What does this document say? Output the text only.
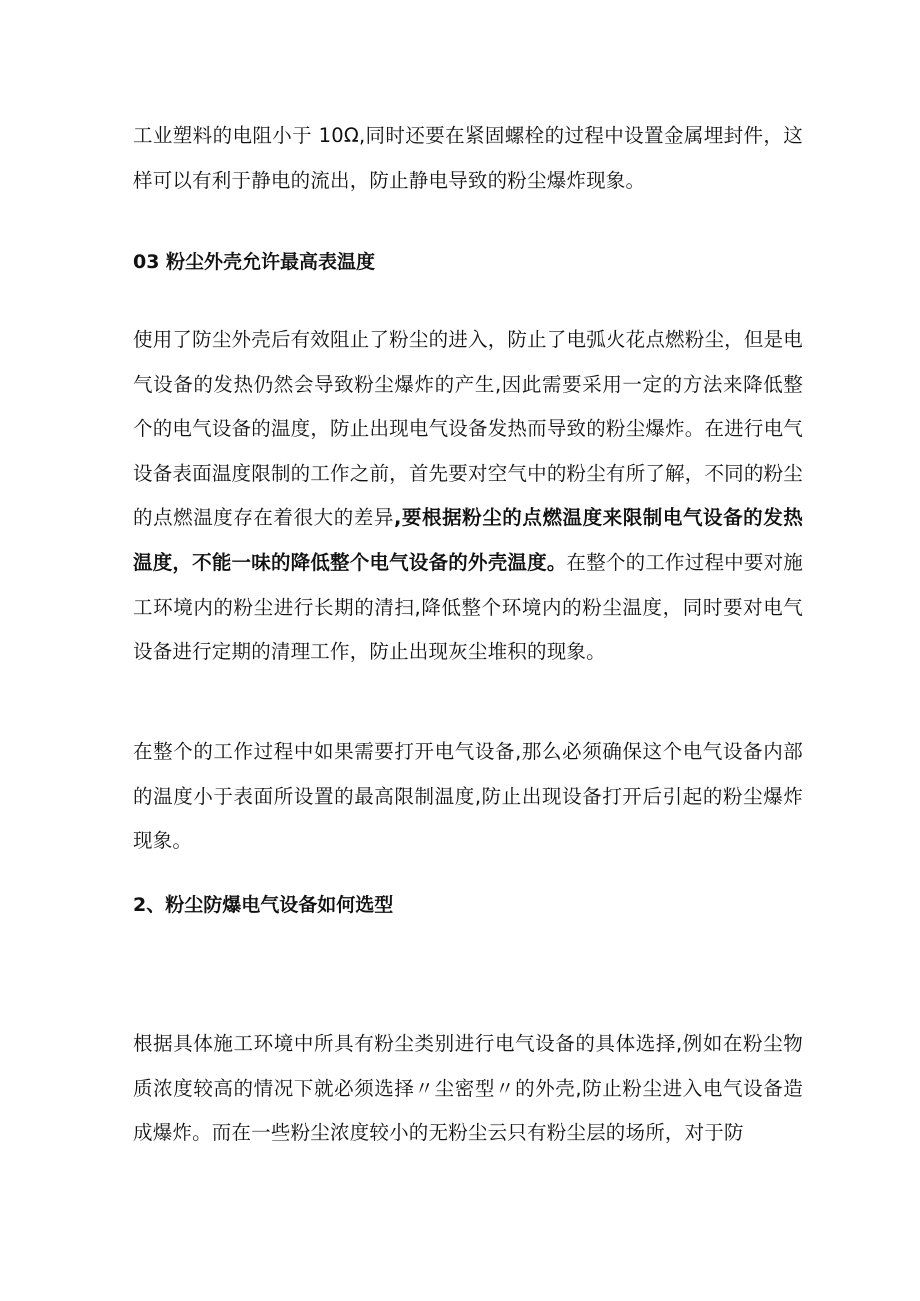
工业塑料的电阻小于 10Ω,同时还要在紧固螺栓的过程中设置金属埋封件，这样可以有利于静电的流出，防止静电导致的粉尘爆炸现象。

03 粉尘外壳允许最高表温度

使用了防尘外壳后有效阻止了粉尘的进入，防止了电弧火花点燃粉尘，但是电气设备的发热仍然会导致粉尘爆炸的产生,因此需要采用一定的方法来降低整个的电气设备的温度，防止出现电气设备发热而导致的粉尘爆炸。在进行电气设备表面温度限制的工作之前，首先要对空气中的粉尘有所了解，不同的粉尘的点燃温度存在着很大的差异,要根据粉尘的点燃温度来限制电气设备的发热温度，不能一味的降低整个电气设备的外壳温度。在整个的工作过程中要对施工环境内的粉尘进行长期的清扫,降低整个环境内的粉尘温度，同时要对电气设备进行定期的清理工作，防止出现灰尘堆积的现象。

在整个的工作过程中如果需要打开电气设备,那么必须确保这个电气设备内部的温度小于表面所设置的最高限制温度,防止出现设备打开后引起的粉尘爆炸现象。

2、粉尘防爆电气设备如何选型

根据具体施工环境中所具有粉尘类别进行电气设备的具体选择,例如在粉尘物质浓度较高的情况下就必须选择〃尘密型〃的外壳,防止粉尘进入电气设备造成爆炸。而在一些粉尘浓度较小的无粉尘云只有粉尘层的场所，对于防
